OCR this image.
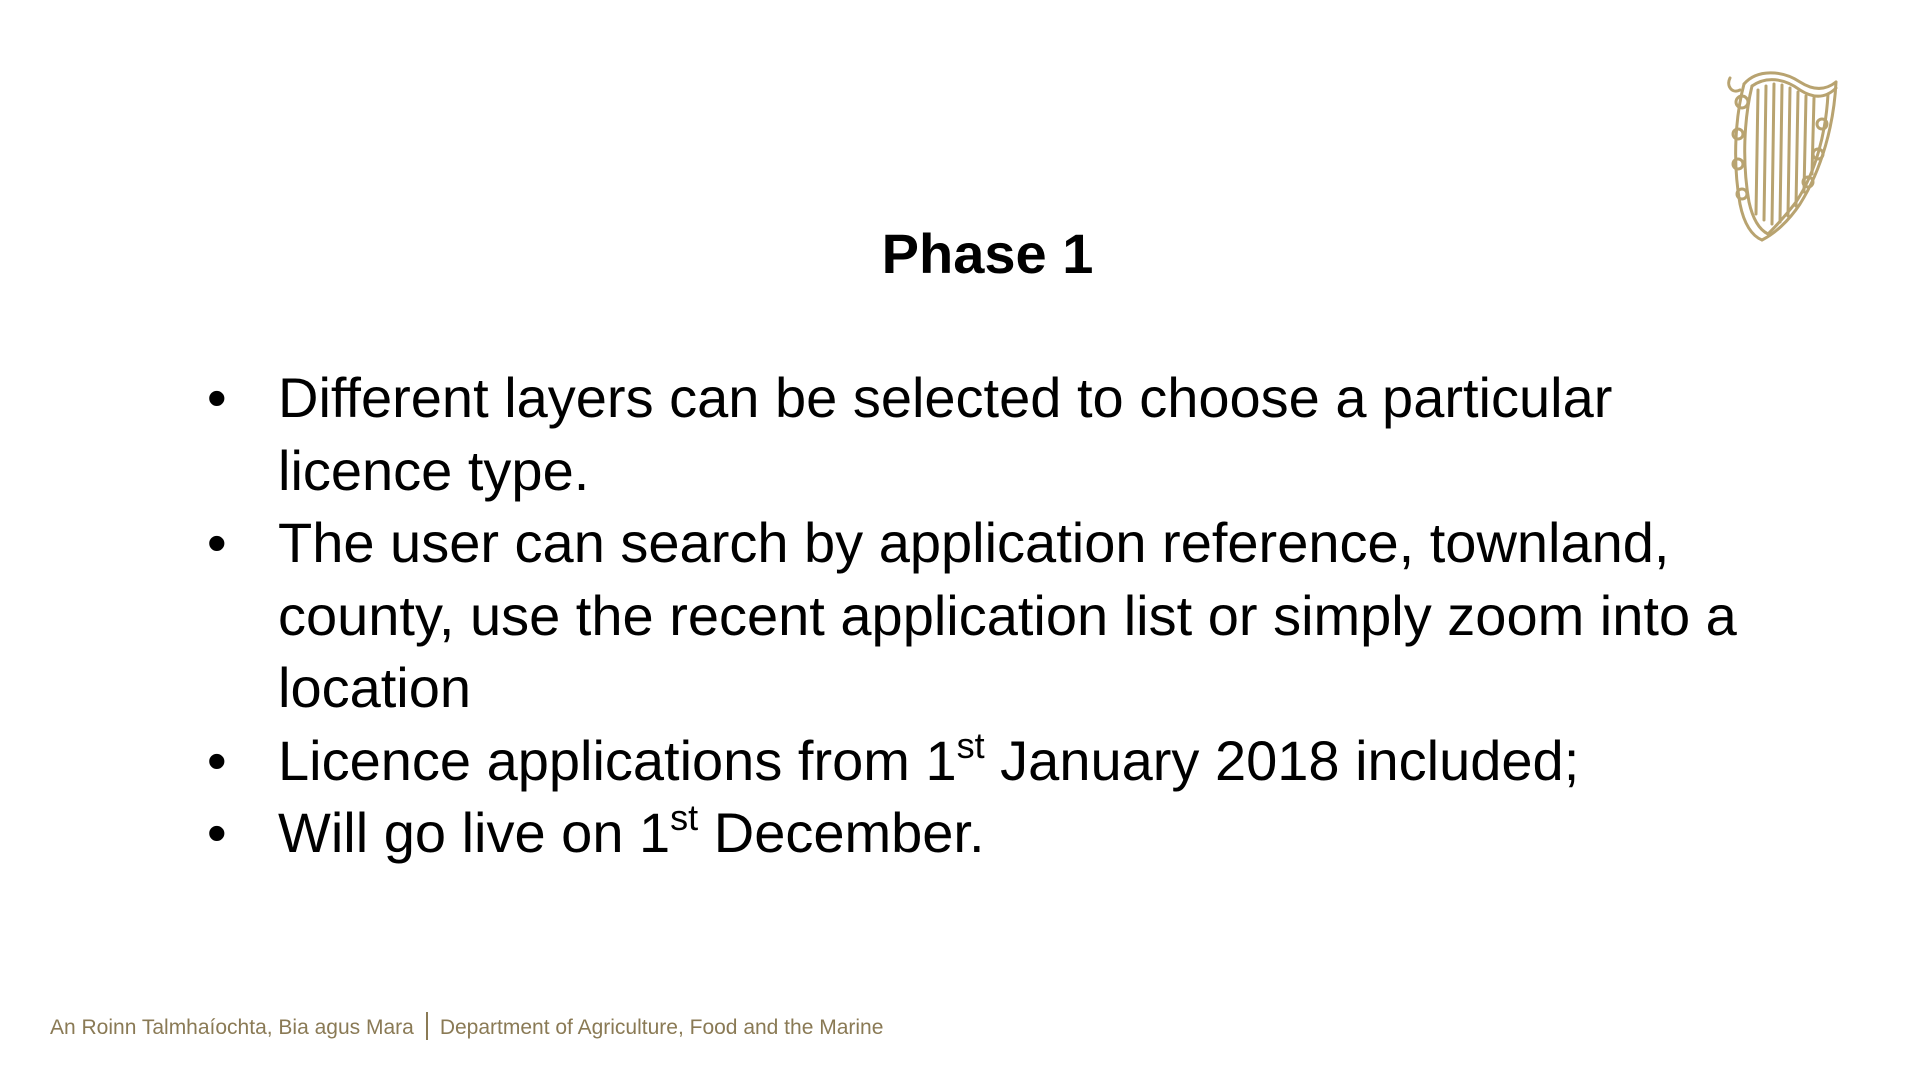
Phase 1
• Different layers can be selected to choose a particular licence type.
• The user can search by application reference, townland, county, use the recent application list or simply zoom into a location
• Licence applications from 1st January 2018 included;
• Will go live on 1st December.
An Roinn Talmhaíochta, Bia agus Mara Department of Agriculture, Food and the Marine
